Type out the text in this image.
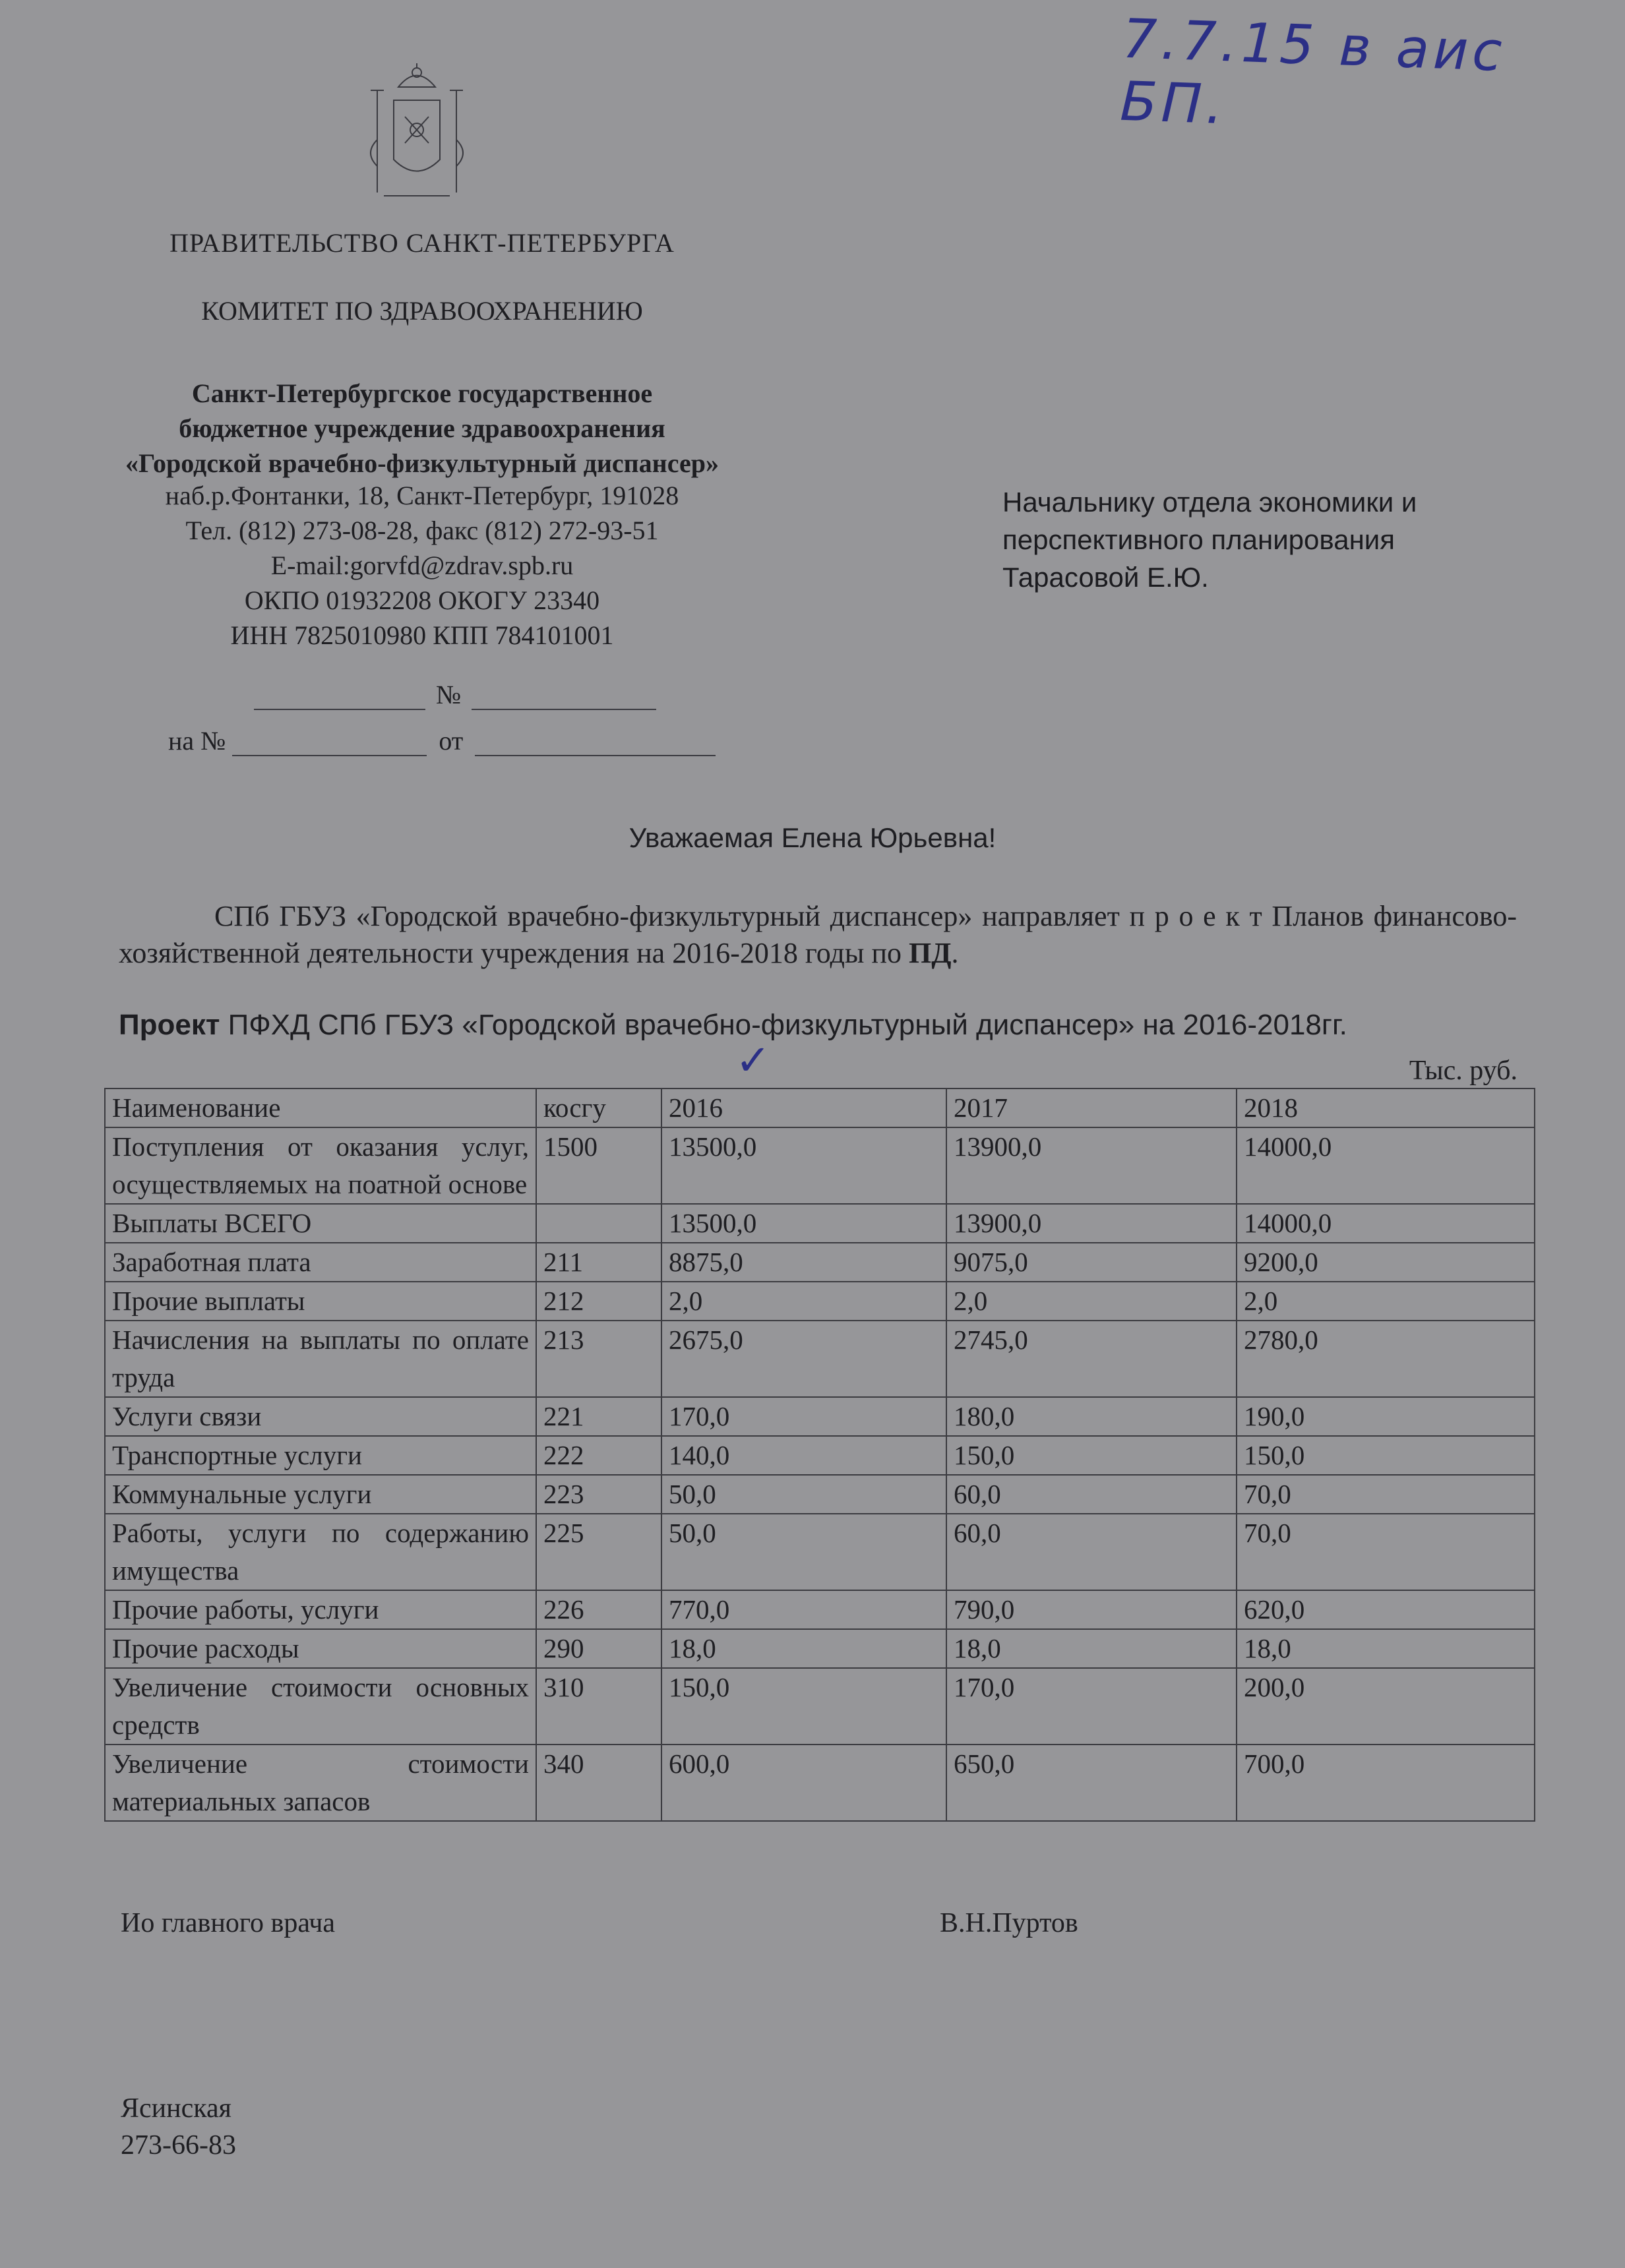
7.7.15 в аис БП.
ПРАВИТЕЛЬСТВО САНКТ-ПЕТЕРБУРГА
КОМИТЕТ ПО ЗДРАВООХРАНЕНИЮ
Санкт-Петербургское государственное
бюджетное учреждение здравоохранения
«Городской врачебно-физкультурный диспансер»
наб.р.Фонтанки, 18, Санкт-Петербург, 191028
Тел. (812) 273-08-28, факс (812) 272-93-51
E-mail:gorvfd@zdrav.spb.ru
ОКПО 01932208 ОКОГУ 23340
ИНН 7825010980 КПП 784101001
№
на №	от
Начальнику отдела экономики и
перспективного планирования
Тарасовой Е.Ю.
Уважаемая Елена Юрьевна!
СПб ГБУЗ «Городской врачебно-физкультурный диспансер» направляет п р о е к т Планов финансово-хозяйственной деятельности учреждения на 2016-2018 годы по ПД.
Проект ПФХД СПб ГБУЗ «Городской врачебно-физкультурный диспансер» на 2016-2018гг.
✓	Тыс. руб.
Наименование	косгу	2016	2017	2018
Поступления от оказания услуг, осуществляемых на поатной основе	1500	13500,0	13900,0	14000,0
Выплаты ВСЕГО		13500,0	13900,0	14000,0
Заработная плата	211	8875,0	9075,0	9200,0
Прочие выплаты	212	2,0	2,0	2,0
Начисления на выплаты по оплате труда	213	2675,0	2745,0	2780,0
Услуги связи	221	170,0	180,0	190,0
Транспортные услуги	222	140,0	150,0	150,0
Коммунальные услуги	223	50,0	60,0	70,0
Работы, услуги по содержанию имущества	225	50,0	60,0	70,0
Прочие работы, услуги	226	770,0	790,0	620,0
Прочие расходы	290	18,0	18,0	18,0
Увеличение стоимости основных средств	310	150,0	170,0	200,0
Увеличение стоимости материальных запасов	340	600,0	650,0	700,0
Ио главного врача	В.Н.Пуртов
Ясинская
273-66-83
